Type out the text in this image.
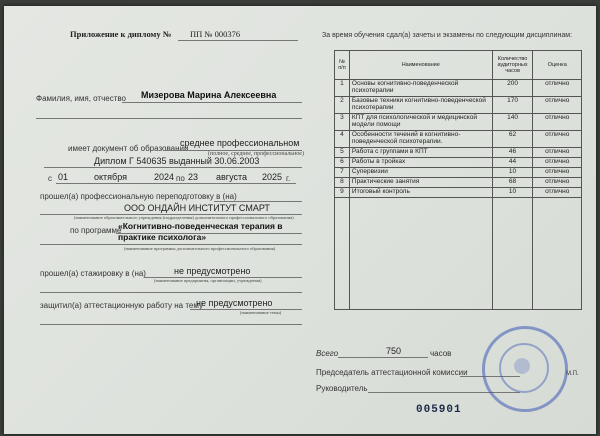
Приложение к диплому № ПП № 000376
Фамилия, имя, отчество Мизерова Марина Алексеевна
имеет документ об образовании
среднее профессиональном
(полное, среднее, профессиональное)
Диплом Г 540635 выданный 30.06.2003
с 01	октября	2024 по 23 августа 2025 г.
прошел(а) профессиональную переподготовку в (на)
ООО ОНДАЙН ИНСТИТУТ СМАРТ
(наименование образовательного учреждения (подразделения) дополнительного профессионального образования)
по программе
«Когнитивно-поведенческая терапия в практике психолога»
(наименование программы дополнительного профессионального образования)
прошел(а) стажировку в (на)	не предусмотрено
(наименование предприятия, организации, учреждения)
защитил(а) аттестационную работу на тему
не предусмотрено
(наименование темы)
За время обучения сдал(а) зачеты и экзамены по следующим дисциплинам:
№ п/п	Наименование	Количество аудиторных часов	Оценка
1	Основы когнитивно-поведенческой психотерапии	200	отлично
2	Базовые техники когнитивно-поведенческой психотерапии	170	отлично
3	КПТ для психологической и медицинской модели помощи	140	отлично
4	Особенности течений в когнитивно-поведенческой психотерапии.	62	отлично
5	Работа с группами в КПТ	46	отлично
6	Работы в тройках	44	отлично
7	Супервизии	10	отлично
8	Практические занятия	68	отлично
9	Итоговый контроль	10	отлично

Всего	750	часов
Председатель аттестационной комиссии
Руководитель
М.П.
005901
